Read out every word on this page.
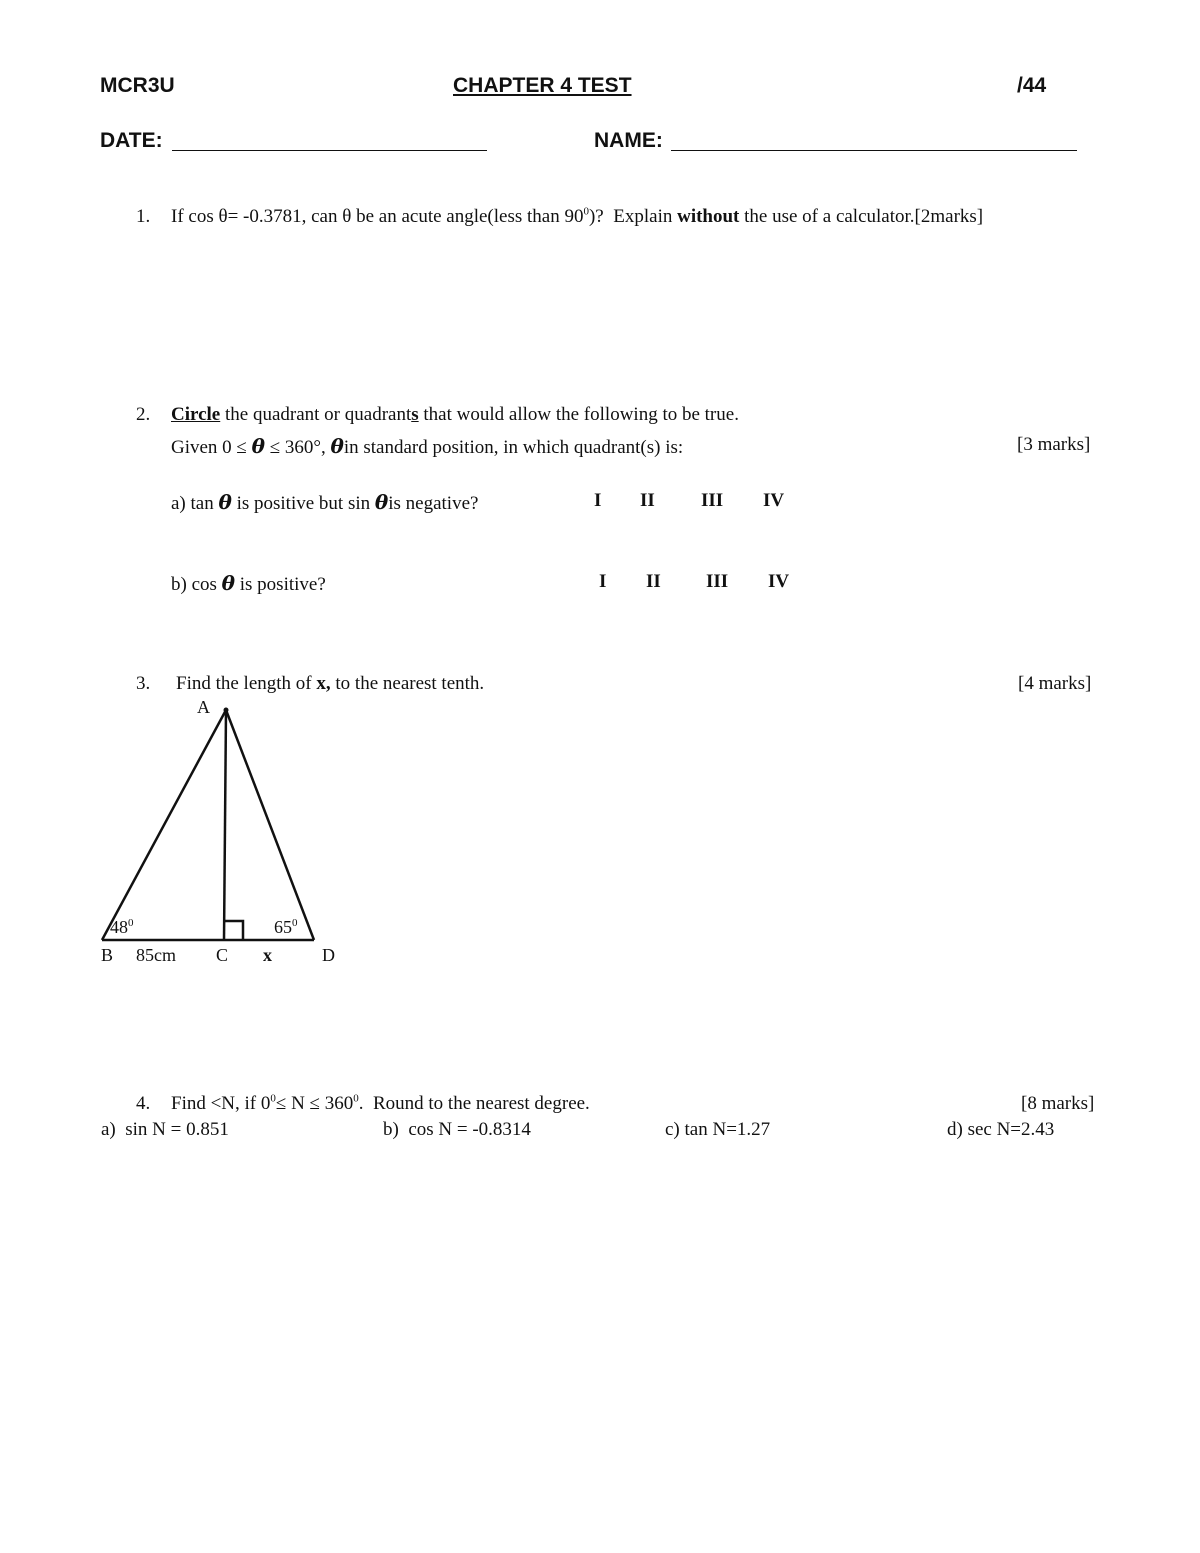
MCR3U	CHAPTER 4 TEST	/44
DATE:	NAME:
1. If cos θ= -0.3781, can θ be an acute angle(less than $90^0$)?  Explain without the use of a calculator.[2marks]
2. Circle the quadrant or quadrants that would allow the following to be true.
Given 0 ≤ θ ≤ 360°, θin standard position, in which quadrant(s) is:	[3 marks]
a) tan θ is positive but sin θis negative?	I II III IV
b) cos θ is positive?	I II III IV
3. Find the length of x, to the nearest tenth.	[4 marks]
A
$48^0$	$65^0$
B 85cm C x	D
4. Find <N, if $0^0\le N \le 360^0$.  Round to the nearest degree.	[8 marks]
a)  sin N = 0.851	b)  cos N = -0.8314	c) tan N=1.27	d) sec N=2.43
